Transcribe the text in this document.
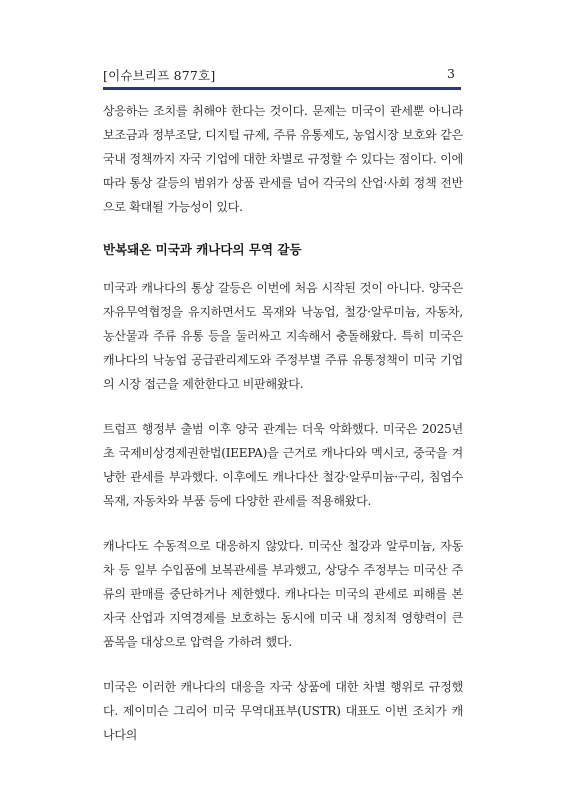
[이슈브리프 877호]	3

상응하는 조치를 취해야 한다는 것이다. 문제는 미국이 관세뿐 아니라 보조금과 정부조달, 디지털 규제, 주류 유통제도, 농업시장 보호와 같은 국내 정책까지 자국 기업에 대한 차별로 규정할 수 있다는 점이다. 이에 따라 통상 갈등의 범위가 상품 관세를 넘어 각국의 산업·사회 정책 전반으로 확대될 가능성이 있다.

반복돼온 미국과 캐나다의 무역 갈등

미국과 캐나다의 통상 갈등은 이번에 처음 시작된 것이 아니다. 양국은 자유무역협정을 유지하면서도 목재와 낙농업, 철강·알루미늄, 자동차, 농산물과 주류 유통 등을 둘러싸고 지속해서 충돌해왔다. 특히 미국은 캐나다의 낙농업 공급관리제도와 주정부별 주류 유통정책이 미국 기업의 시장 접근을 제한한다고 비판해왔다.

트럼프 행정부 출범 이후 양국 관계는 더욱 악화했다. 미국은 2025년 초 국제비상경제권한법(IEEPA)을 근거로 캐나다와 멕시코, 중국을 겨냥한 관세를 부과했다. 이후에도 캐나다산 철강·알루미늄·구리, 침엽수 목재, 자동차와 부품 등에 다양한 관세를 적용해왔다.

캐나다도 수동적으로 대응하지 않았다. 미국산 철강과 알루미늄, 자동차 등 일부 수입품에 보복관세를 부과했고, 상당수 주정부는 미국산 주류의 판매를 중단하거나 제한했다. 캐나다는 미국의 관세로 피해를 본 자국 산업과 지역경제를 보호하는 동시에 미국 내 정치적 영향력이 큰 품목을 대상으로 압력을 가하려 했다.

미국은 이러한 캐나다의 대응을 자국 상품에 대한 차별 행위로 규정했다. 제이미슨 그리어 미국 무역대표부(USTR) 대표도 이번 조치가 캐나다의
